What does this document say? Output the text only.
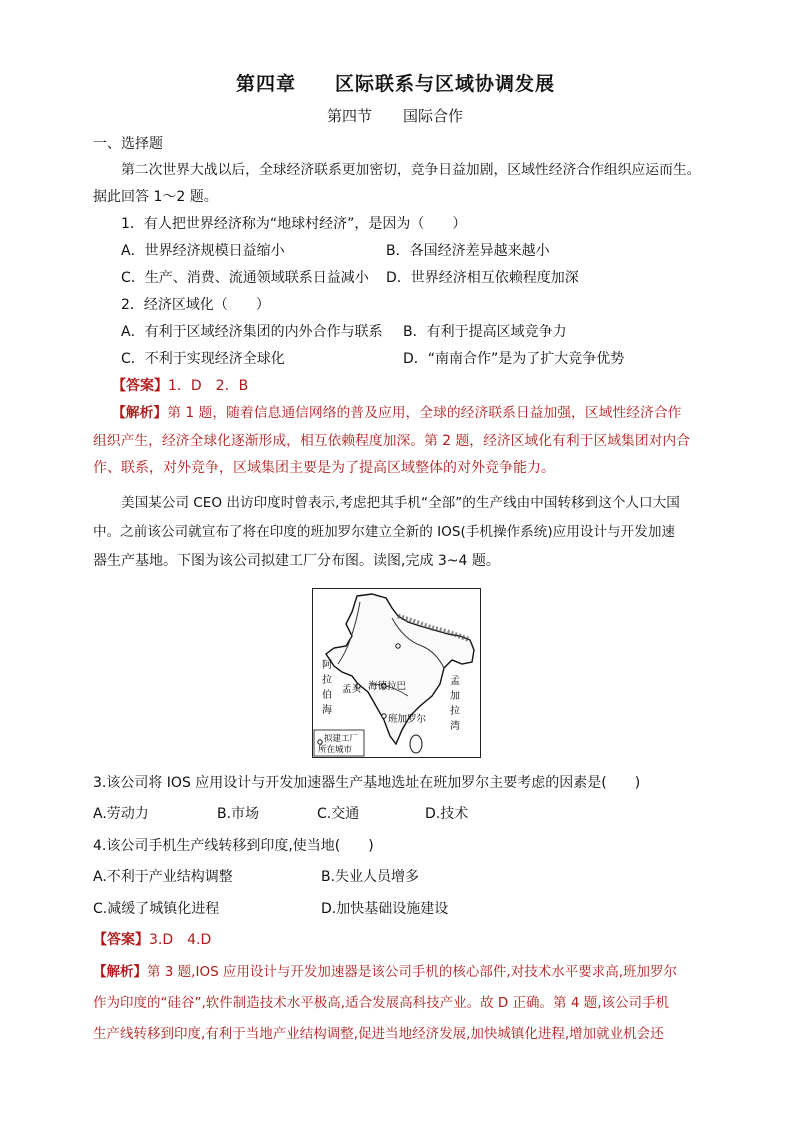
第四章 区际联系与区域协调发展
第四节 国际合作
一、选择题
第二次世界大战以后，全球经济联系更加密切，竞争日益加剧，区域性经济合作组织应运而生。
据此回答 1～2 题。
1．有人把世界经济称为“地球村经济”，是因为（　　）
A．世界经济规模日益缩小	B．各国经济差异越来越小
C．生产、消费、流通领域联系日益减小 D．世界经济相互依赖程度加深
2．经济区域化（　　）
A．有利于区域经济集团的内外合作与联系 B．有利于提高区域竞争力
C．不利于实现经济全球化	D．“南南合作”是为了扩大竞争优势
【答案】1．D　2．B
【解析】第 1 题，随着信息通信网络的普及应用，全球的经济联系日益加强，区域性经济合作
组织产生，经济全球化逐渐形成，相互依赖程度加深。第 2 题，经济区域化有利于区域集团对内合
作、联系，对外竞争，区域集团主要是为了提高区域整体的对外竞争能力。
美国某公司 CEO 出访印度时曾表示,考虑把其手机“全部”的生产线由中国转移到这个人口大国
中。之前该公司就宣布了将在印度的班加罗尔建立全新的 IOS(手机操作系统)应用设计与开发加速
器生产基地。下图为该公司拟建工厂分布图。读图,完成 3~4 题。
阿
拉
伯
海
孟
加
拉
湾
孟买 海德拉巴
班加罗尔
拟建工厂
所在城市
3.该公司将 IOS 应用设计与开发加速器生产基地选址在班加罗尔主要考虑的因素是(　　)
A.劳动力	B.市场	C.交通	D.技术
4.该公司手机生产线转移到印度,使当地(　　)
A.不利于产业结构调整	B.失业人员增多
C.减缓了城镇化进程	D.加快基础设施建设
【答案】3.D　4.D
【解析】第 3 题,IOS 应用设计与开发加速器是该公司手机的核心部件,对技术水平要求高,班加罗尔
作为印度的“硅谷”,软件制造技术水平极高,适合发展高科技产业。故 D 正确。第 4 题,该公司手机
生产线转移到印度,有利于当地产业结构调整,促进当地经济发展,加快城镇化进程,增加就业机会还
